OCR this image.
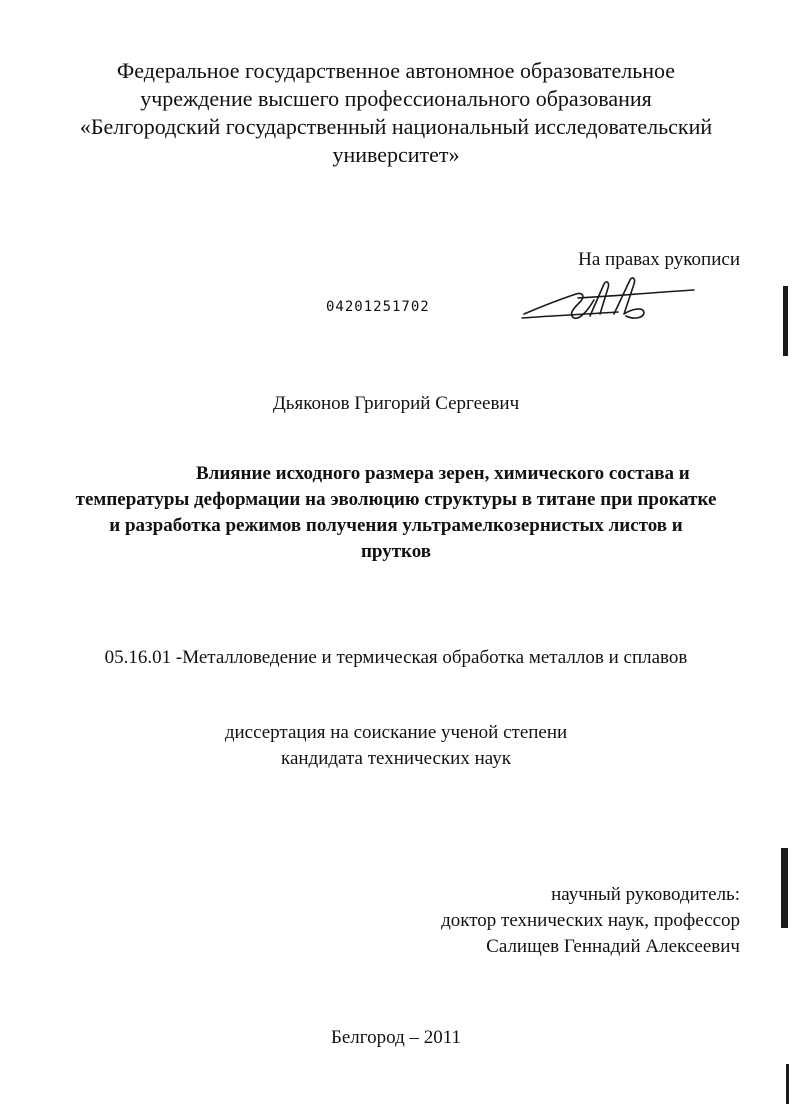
Федеральное государственное автономное образовательное
учреждение высшего профессионального образования
«Белгородский государственный национальный исследовательский
университет»
На правах рукописи
04201251702
Дьяконов Григорий Сергеевич
Влияние исходного размера зерен, химического состава и
температуры деформации на эволюцию структуры в титане при прокатке
и разработка режимов получения ультрамелкозернистых листов и
прутков
05.16.01 -Металловедение и термическая обработка металлов и сплавов
диссертация на соискание ученой степени
кандидата технических наук
научный руководитель:
доктор технических наук, профессор
Салищев Геннадий Алексеевич
Белгород – 2011
